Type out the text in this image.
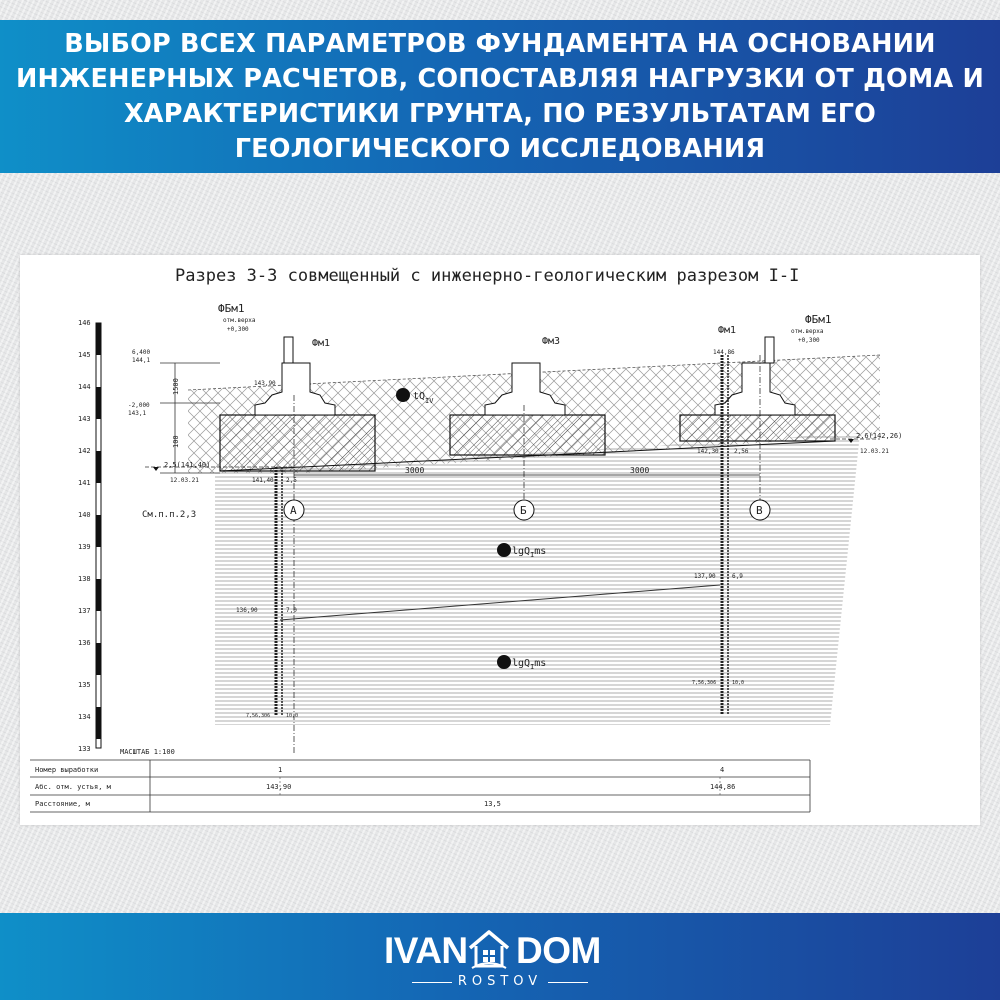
ВЫБОР ВСЕХ ПАРАМЕТРОВ ФУНДАМЕНТА НА ОСНОВАНИИ ИНЖЕНЕРНЫХ РАСЧЕТОВ, СОПОСТАВЛЯЯ НАГРУЗКИ ОТ ДОМА И ХАРАКТЕРИСТИКИ ГРУНТА, ПО РЕЗУЛЬТАТАМ ЕГО ГЕОЛОГИЧЕСКОГО ИССЛЕДОВАНИЯ
Разрез 3-3 совмещенный с инженерно-геологическим разрезом I-I
146
145
144
143
142
141
140
139
138
137
136
135
134
133
А	Б	В
$tQ_{IV}$
lgQ$_I$ms
lgQ$_I$ms
ФБм1
отм.верха
+0,300
Фм1	Фм3
Фм1
ФБм1
отм.верха
+0,300
6,400
144,1
1500
-2,000
143,1
100
143,90
144,86
2,5(141,40)
12.03.21	141,40 2,5
2,6(142,26)
12.03.21
142,30	2,56
3000	3000
См.п.п.2,3
137,90	6,9
136,90	7,0
7,56,306	10,0
7,56,306	10,0
МАСШТАБ 1:100
Номер выработки	1	4
Абс. отм. устья, м	143,90	144,86
Расстояние, м	13,5
IVAN DOM
ROSTOV
